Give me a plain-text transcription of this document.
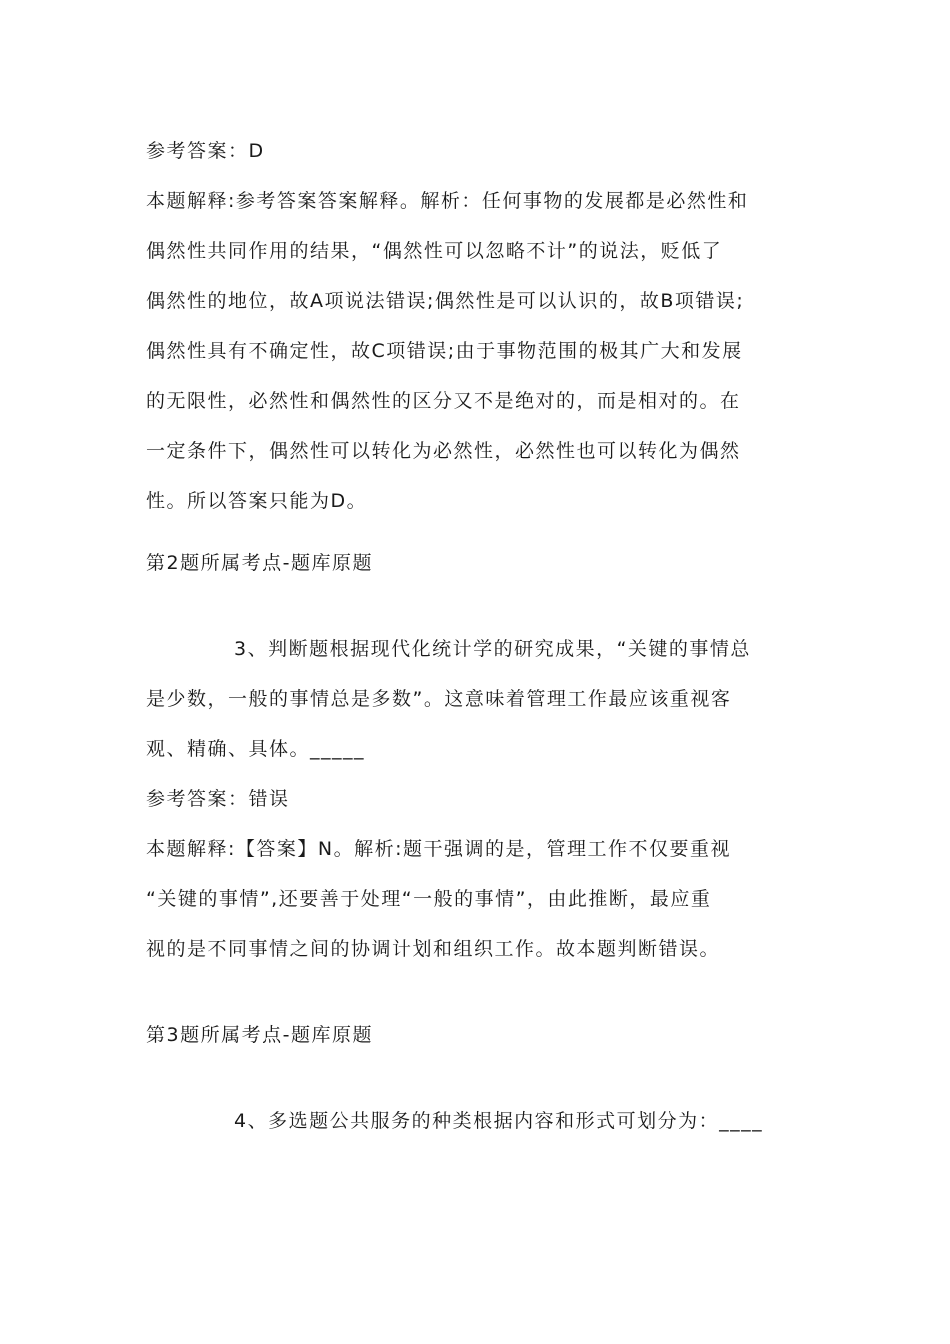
参考答案：D
本题解释:参考答案答案解释。解析：任何事物的发展都是必然性和
偶然性共同作用的结果，“偶然性可以忽略不计”的说法，贬低了
偶然性的地位，故A项说法错误;偶然性是可以认识的，故B项错误;
偶然性具有不确定性，故C项错误;由于事物范围的极其广大和发展
的无限性，必然性和偶然性的区分又不是绝对的，而是相对的。在
一定条件下，偶然性可以转化为必然性，必然性也可以转化为偶然
性。所以答案只能为D。
第2题所属考点-题库原题
3、判断题根据现代化统计学的研究成果，“关键的事情总
是少数，一般的事情总是多数”。这意味着管理工作最应该重视客
观、精确、具体。_____
参考答案：错误
本题解释:【答案】N。解析:题干强调的是，管理工作不仅要重视
“关键的事情”,还要善于处理“一般的事情”，由此推断，最应重
视的是不同事情之间的协调计划和组织工作。故本题判断错误。
第3题所属考点-题库原题
4、多选题公共服务的种类根据内容和形式可划分为：____
